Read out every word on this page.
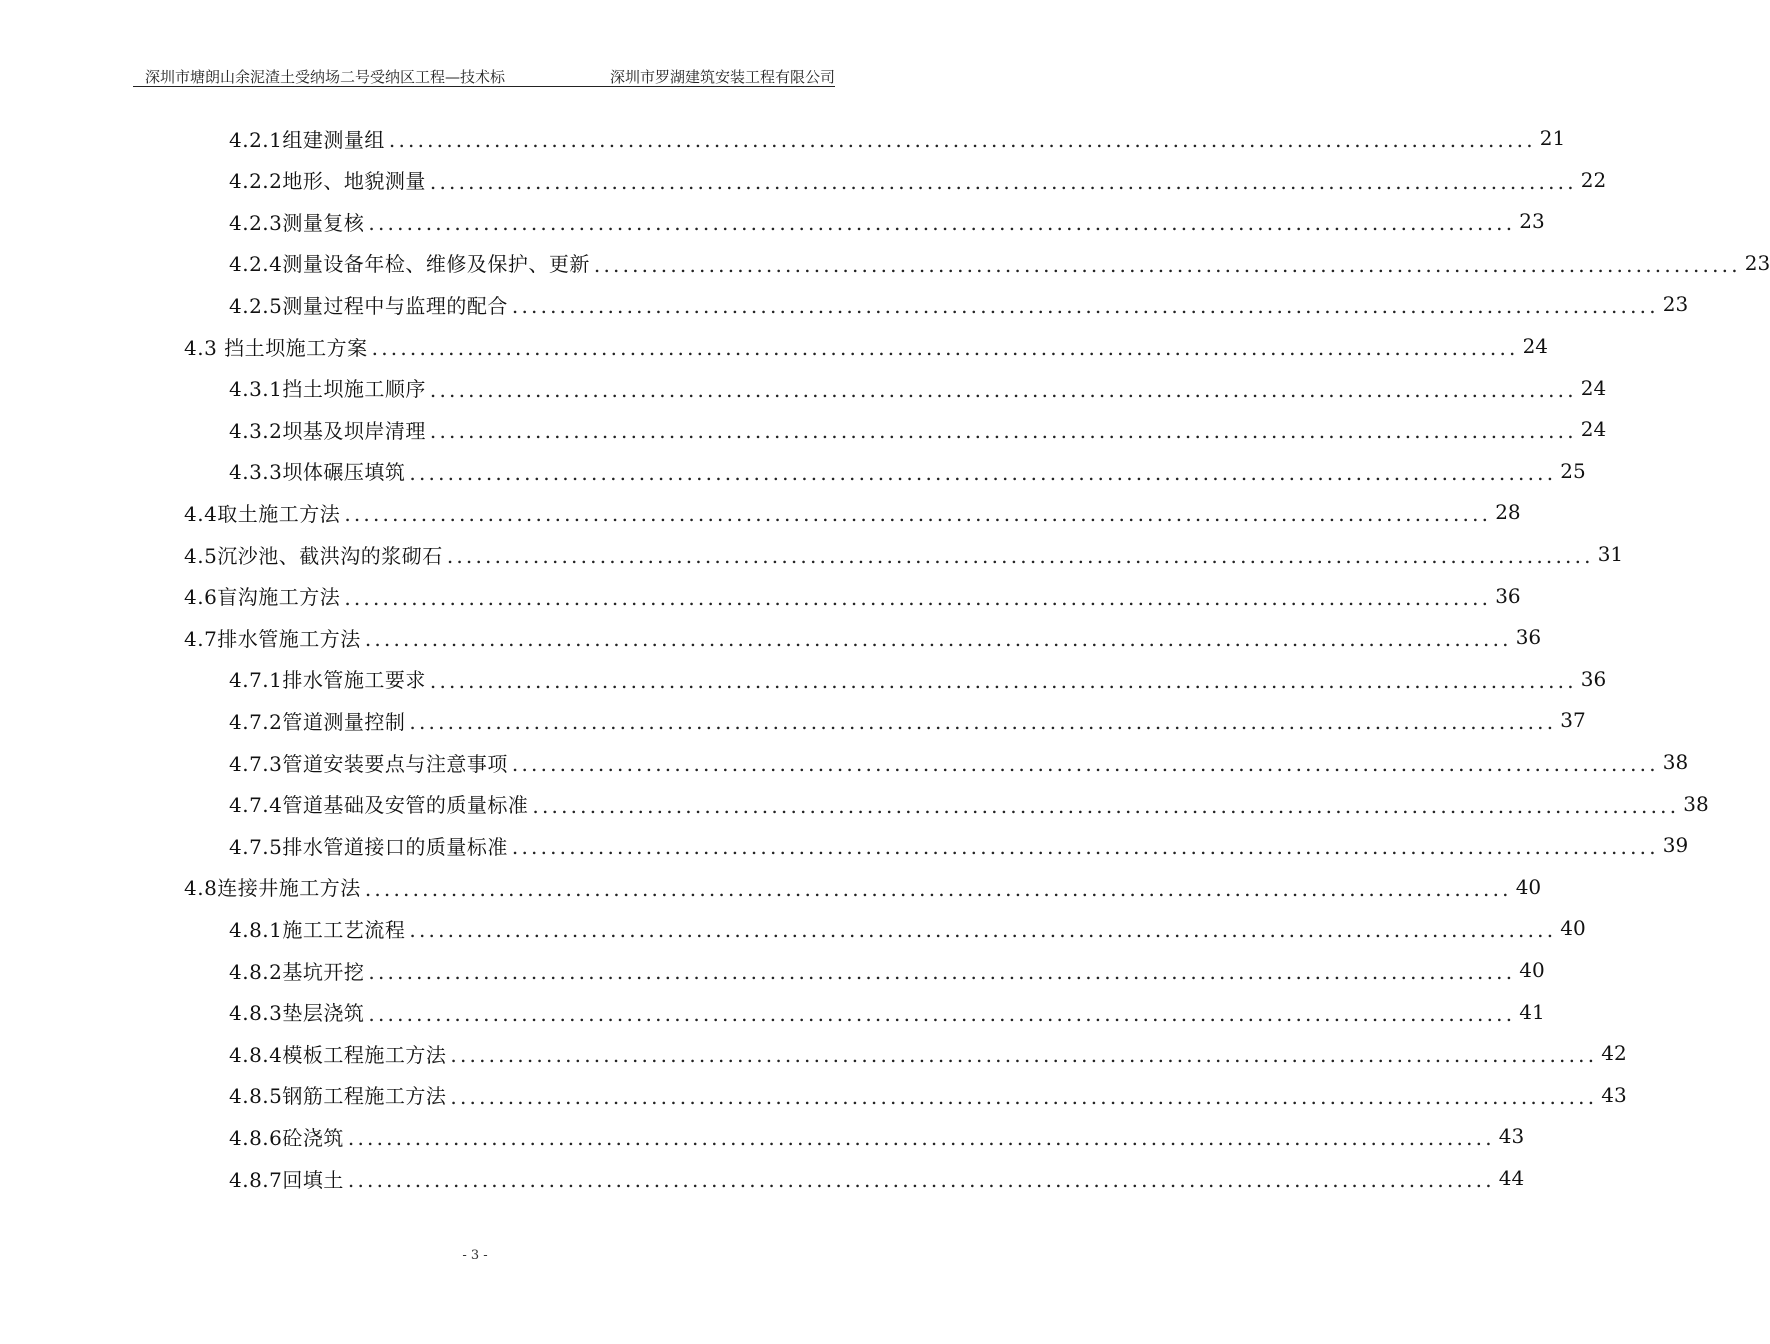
深圳市塘朗山余泥渣土受纳场二号受纳区工程—技术标	深圳市罗湖建筑安装工程有限公司
4.2.1组建测量组 ........................................................................................................................ 21
4.2.2地形、地貌测量 ........................................................................................................................ 22
4.2.3测量复核 ........................................................................................................................ 23
4.2.4测量设备年检、维修及保护、更新 ........................................................................................................................ 23
4.2.5测量过程中与监理的配合 ........................................................................................................................ 23
4.3 挡土坝施工方案 ........................................................................................................................ 24
4.3.1挡土坝施工顺序 ........................................................................................................................ 24
4.3.2坝基及坝岸清理 ........................................................................................................................ 24
4.3.3坝体碾压填筑 ........................................................................................................................ 25
4.4取土施工方法 ........................................................................................................................ 28
4.5沉沙池、截洪沟的浆砌石 ........................................................................................................................ 31
4.6盲沟施工方法 ........................................................................................................................ 36
4.7排水管施工方法 ........................................................................................................................ 36
4.7.1排水管施工要求 ........................................................................................................................ 36
4.7.2管道测量控制 ........................................................................................................................ 37
4.7.3管道安装要点与注意事项 ........................................................................................................................ 38
4.7.4管道基础及安管的质量标准 ........................................................................................................................ 38
4.7.5排水管道接口的质量标准 ........................................................................................................................ 39
4.8连接井施工方法 ........................................................................................................................ 40
4.8.1施工工艺流程 ........................................................................................................................ 40
4.8.2基坑开挖 ........................................................................................................................ 40
4.8.3垫层浇筑 ........................................................................................................................ 41
4.8.4模板工程施工方法 ........................................................................................................................ 42
4.8.5钢筋工程施工方法 ........................................................................................................................ 43
4.8.6砼浇筑 ........................................................................................................................ 43
4.8.7回填土 ........................................................................................................................ 44
- 3 -
